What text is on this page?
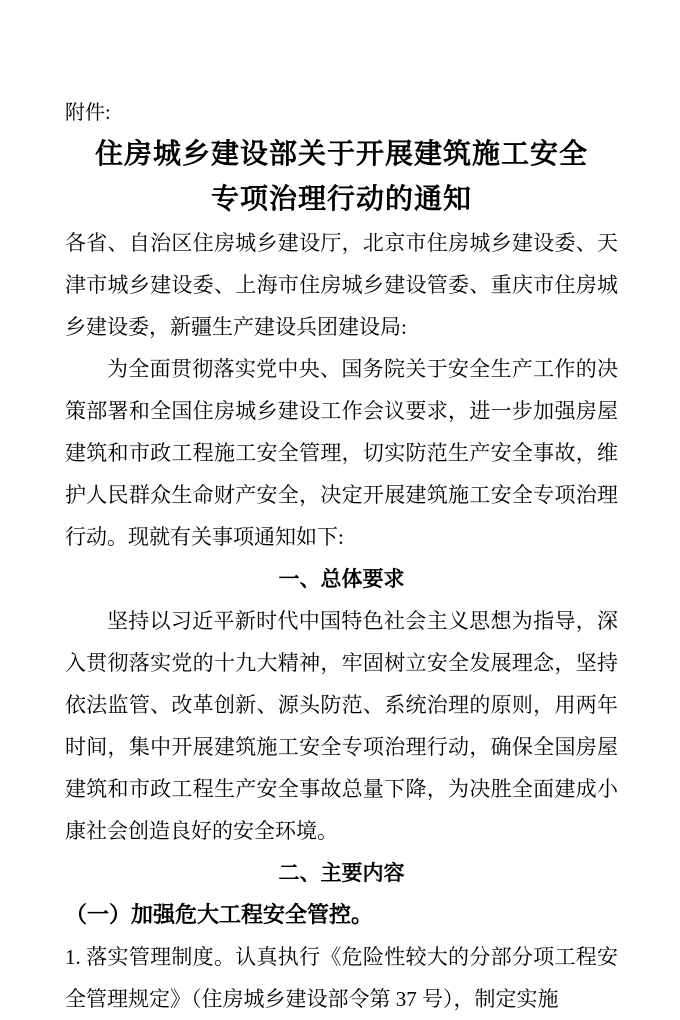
附件:
住房城乡建设部关于开展建筑施工安全
专项治理行动的通知

各省、自治区住房城乡建设厅，北京市住房城乡建设委、天津市城乡建设委、上海市住房城乡建设管委、重庆市住房城乡建设委，新疆生产建设兵团建设局:

为全面贯彻落实党中央、国务院关于安全生产工作的决策部署和全国住房城乡建设工作会议要求，进一步加强房屋建筑和市政工程施工安全管理，切实防范生产安全事故，维护人民群众生命财产安全，决定开展建筑施工安全专项治理行动。现就有关事项通知如下:

一、总体要求

坚持以习近平新时代中国特色社会主义思想为指导，深入贯彻落实党的十九大精神，牢固树立安全发展理念，坚持依法监管、改革创新、源头防范、系统治理的原则，用两年时间，集中开展建筑施工安全专项治理行动，确保全国房屋建筑和市政工程生产安全事故总量下降，为决胜全面建成小康社会创造良好的安全环境。

二、主要内容
（一）加强危大工程安全管控。

1. 落实管理制度。认真执行《危险性较大的分部分项工程安全管理规定》（住房城乡建设部令第 37 号），制定实施
